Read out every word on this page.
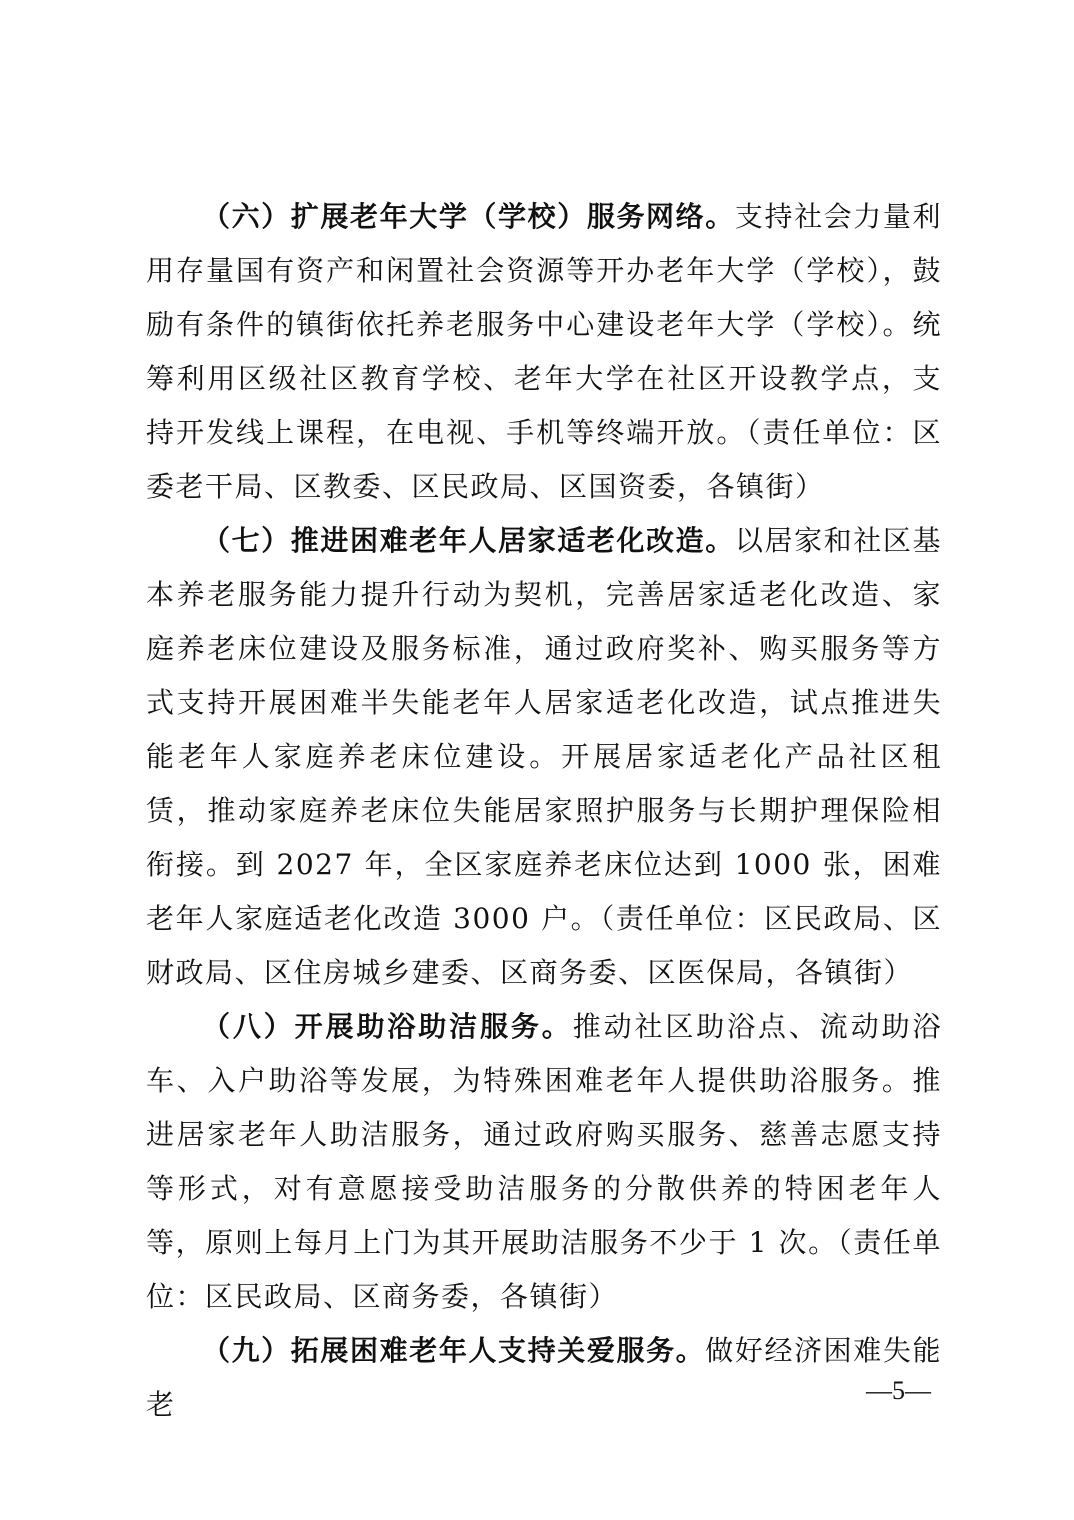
（六）扩展老年大学（学校）服务网络。支持社会力量利用存量国有资产和闲置社会资源等开办老年大学（学校），鼓励有条件的镇街依托养老服务中心建设老年大学（学校）。统筹利用区级社区教育学校、老年大学在社区开设教学点，支持开发线上课程，在电视、手机等终端开放。（责任单位：区委老干局、区教委、区民政局、区国资委，各镇街）

（七）推进困难老年人居家适老化改造。以居家和社区基本养老服务能力提升行动为契机，完善居家适老化改造、家庭养老床位建设及服务标准，通过政府奖补、购买服务等方式支持开展困难半失能老年人居家适老化改造，试点推进失能老年人家庭养老床位建设。开展居家适老化产品社区租赁，推动家庭养老床位失能居家照护服务与长期护理保险相衔接。到 2027 年，全区家庭养老床位达到 1000 张，困难老年人家庭适老化改造 3000 户。（责任单位：区民政局、区财政局、区住房城乡建委、区商务委、区医保局，各镇街）

（八）开展助浴助洁服务。推动社区助浴点、流动助浴车、入户助浴等发展，为特殊困难老年人提供助浴服务。推进居家老年人助洁服务，通过政府购买服务、慈善志愿支持等形式，对有意愿接受助洁服务的分散供养的特困老年人等，原则上每月上门为其开展助洁服务不少于 1 次。（责任单位：区民政局、区商务委，各镇街）

（九）拓展困难老年人支持关爱服务。做好经济困难失能老	—5—
